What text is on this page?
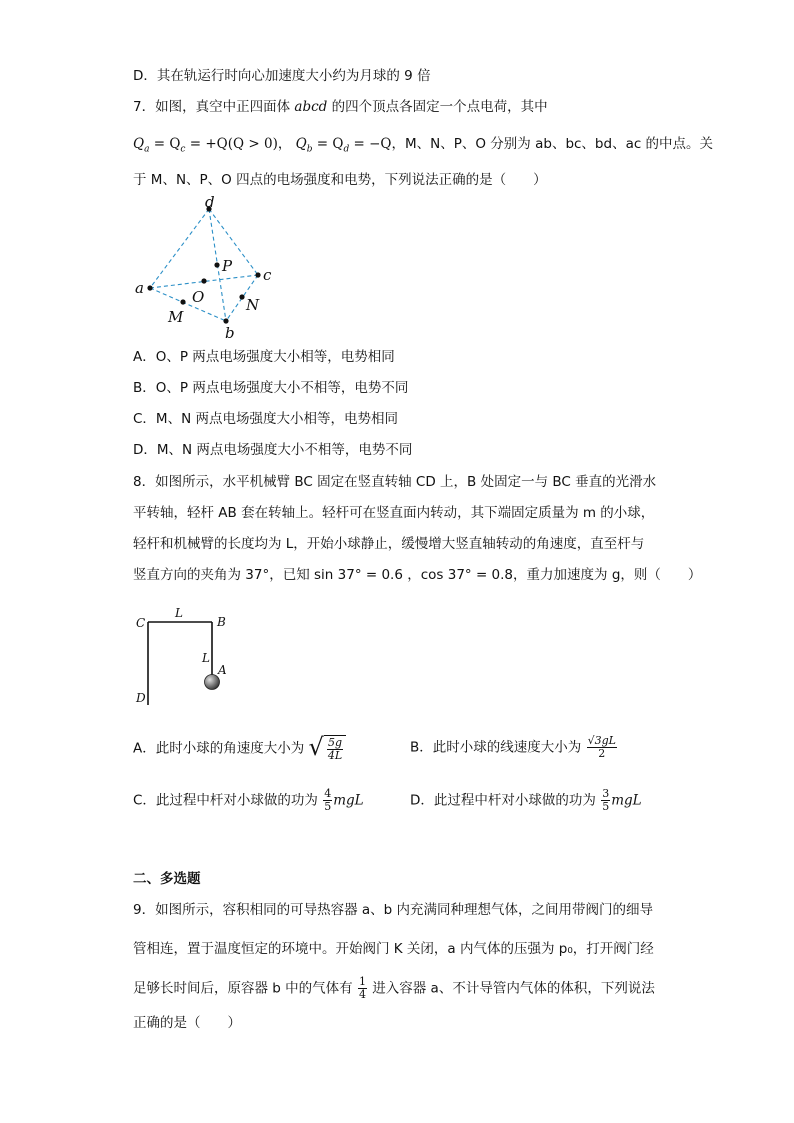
D．其在轨运行时向心加速度大小约为月球的 9 倍
7．如图，真空中正四面体 abcd 的四个顶点各固定一个点电荷，其中
$Q_a = Q_c = +Q(Q > 0)$， $Q_b = Q_d = -Q$，M、N、P、O 分别为 ab、bc、bd、ac 的中点。关
于 M、N、P、O 四点的电场强度和电势，下列说法正确的是（　　）
d
a
c
b
P
O
M
N
A．O、P 两点电场强度大小相等，电势相同
B．O、P 两点电场强度大小不相等，电势不同
C．M、N 两点电场强度大小相等，电势相同
D．M、N 两点电场强度大小不相等，电势不同
8．如图所示，水平机械臂 BC 固定在竖直转轴 CD 上，B 处固定一与 BC 垂直的光滑水
平转轴，轻杆 AB 套在转轴上。轻杆可在竖直面内转动，其下端固定质量为 m 的小球，
轻杆和机械臂的长度均为 L，开始小球静止，缓慢增大竖直轴转动的角速度，直至杆与
竖直方向的夹角为 37°，已知 sin 37° = 0.6 ，cos 37° = 0.8，重力加速度为 g，则（　　）
C
L
B
L
A
D
A．此时小球的角速度大小为 √ $\frac{5g}{4L}$	B．此时小球的线速度大小为 $\frac{√3gL}{2}$
C．此过程中杆对小球做的功为 $\frac{4}{5}$ mgL	D．此过程中杆对小球做的功为 $\frac{3}{5}$ mgL
二、多选题
9．如图所示，容积相同的可导热容器 a、b 内充满同种理想气体，之间用带阀门的细导
管相连，置于温度恒定的环境中。开始阀门 K 关闭，a 内气体的压强为 p₀，打开阀门经
足够长时间后，原容器 b 中的气体有 $\frac{1}{4}$ 进入容器 a、不计导管内气体的体积，下列说法
正确的是（　　）
